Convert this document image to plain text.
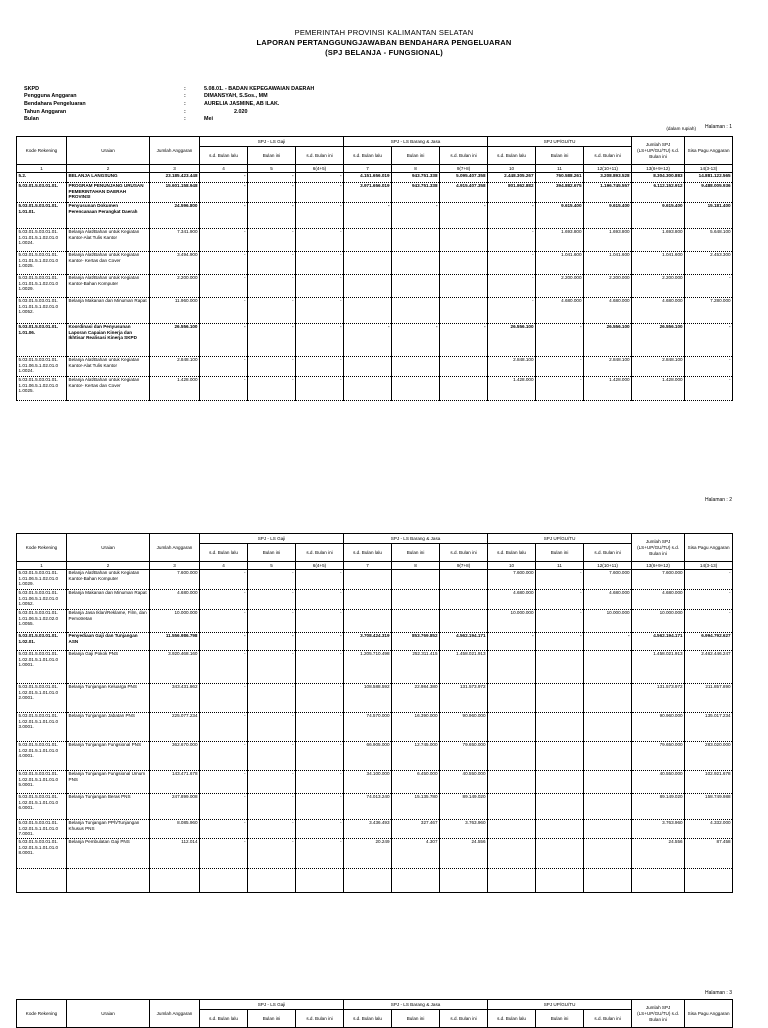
PEMERINTAH PROVINSI KALIMANTAN SELATAN
LAPORAN PERTANGGUNGJAWABAN BENDAHARA PENGELUARAN
(SPJ BELANJA - FUNGSIONAL)
SKPD	:	5.08.01. - BADAN KEPEGAWAIAN DAERAH
Pengguna Anggaran	:	DIMANSYAH, S.Sos., MM
Bendahara Pengeluaran	:	AURELIA JASMINE, AB ILAK.
Tahun Anggaran	:	2.020
Bulan	:	Mei
(dalam rupiah) Halaman : 1
Halaman : 2
Halaman : 3
Kode Rekening	Uraian	Jumlah Anggaran	SPJ - LS Gaji			SPJ - LS Barang & Jasa			SPJ UP/GU/TU			Jumlah SPJ (LS+UP/GU/TU) s.d. Bulan ini	Sisa Pagu Anggaran
			s.d. Bulan lalu	Bulan ini	s.d. Bulan ini	s.d. Bulan lalu	Bulan ini	s.d. Bulan ini	s.d. Bulan lalu	Bulan ini	s.d. Bulan ini		
1	2	3	4	5	6(4+5)	7	8	9(7+8)	10	11	12(10+11)	13(6+9+12)	14(3-13)
5.2.	BELANJA LANGSUNG	23.185.423.448	-	-	-	4.151.656.019	943.751.338	5.095.407.358	2.448.305.267	760.588.261	3.208.893.528	8.304.300.883	14.881.122.565
5.03.01.5.03.01.01.	PROGRAM PENUNJANG URUSAN PEMERINTAHAN DAERAH PROVINSI	15.601.158.948	-	-	-	3.971.656.019	943.751.338	4.915.407.358	801.862.882	394.882.675	1.196.745.557	6.112.152.912	9.488.005.936
5.03.01.5.03.01.01. 1.01.01.	Penyusunan Dokumen Perencanaan Perangkat Daerah	24.596.800	-	-	-	-	-	-	-	9.615.400	9.615.400	9.615.400	15.181.400
5.03.01.5.03.01.01. 1.01.01.5.1.02.01.0 1.0024.	Belanja Alat/Bahan untuk Kegiatan Kantor-Alat Tulis Kantor	7.341.900	-	-	-				-	1.693.800	1.693.800	1.693.800	5.648.100
5.03.01.5.03.01.01. 1.01.01.5.1.02.01.0 1.0025.	Belanja Alat/Bahan untuk Kegiatan Kantor- Kertas dan Cover	3.494.900	-	-	-				-	1.041.600	1.041.600	1.041.600	2.453.300
5.03.01.5.03.01.01. 1.01.01.5.1.02.01.0 1.0029.	Belanja Alat/Bahan untuk Kegiatan Kantor-Bahan Komputer	2.200.000	-	-	-				-	2.200.000	2.200.000	2.200.000	-
5.03.01.5.03.01.01. 1.01.01.5.1.02.01.0 1.0052.	Belanja Makanan dan Minuman Rapat	11.960.000	-	-	-				-	4.680.000	4.680.000	4.680.000	7.280.000
5.03.01.5.03.01.01. 1.01.06.	Koordinasi dan Penyusunan Laporan Capaian Kinerja dan Ikhtisar Realisasi Kinerja SKPD	26.556.100	-	-	-	-	-	-	26.556.100	-	26.556.100	26.556.100	-
5.03.01.5.03.01.01. 1.01.06.5.1.02.01.0 1.0024.	Belanja Alat/Bahan untuk Kegiatan Kantor-Alat Tulis Kantor	2.848.100	-	-	-				2.848.100	-	2.848.100	2.848.100	-
5.03.01.5.03.01.01. 1.01.06.5.1.02.01.0 1.0025.	Belanja Alat/Bahan untuk Kegiatan Kantor- Kertas dan Cover	1.428.000	-	-	-				1.428.000	-	1.428.000	1.428.000	-
Kode Rekening	Uraian	Jumlah Anggaran	SPJ - LS Gaji			SPJ - LS Barang & Jasa			SPJ UP/GU/TU			Jumlah SPJ (LS+UP/GU/TU) s.d. Bulan ini	Sisa Pagu Anggaran
			s.d. Bulan lalu	Bulan ini	s.d. Bulan ini	s.d. Bulan lalu	Bulan ini	s.d. Bulan ini	s.d. Bulan lalu	Bulan ini	s.d. Bulan ini		
1	2	3	4	5	6(4+5)	7	8	9(7+8)	10	11	12(10+11)	13(6+9+12)	14(3-13)
5.03.01.5.03.01.01. 1.01.06.5.1.02.01.0 1.0029.	Belanja Alat/Bahan untuk Kegiatan Kantor-Bahan Komputer	7.600.000	-	-	-				7.600.000	-	7.600.000	7.600.000	-
5.03.01.5.03.01.01. 1.01.06.5.1.02.01.0 1.0052.	Belanja Makanan dan Minuman Rapat	4.680.000	-	-	-				4.680.000	-	4.680.000	4.680.000	-
5.03.01.5.03.01.01. 1.01.06.5.1.02.02.0 1.0055.	Belanja Jasa Iklan/Reklame, Film, dan Pemotretan	10.000.000	-	-	-				10.000.000	-	10.000.000	10.000.000	-
5.03.01.5.03.01.01. 1.02.01.	Penyediaan Gaji dan Tunjangan ASN	11.556.986.798	-	-	-	3.708.424.319	853.769.852	4.562.194.171	-	-	-	4.562.194.171	6.994.792.627
5.03.01.5.03.01.01. 1.02.01.5.1.01.01.0 1.0001.	Belanja Gaji Pokok PNS	3.920.468.160	-	-	-	1.205.710.498	252.311.415	1.458.021.913				1.458.021.913	2.462.446.247
5.03.01.5.03.01.01. 1.02.01.5.1.01.01.0 2.0001.	Belanja Tunjangan Keluarga PNS	343.431.862	-	-	-	108.588.592	22.984.380	131.573.972				131.573.972	211.857.890
5.03.01.5.03.01.01. 1.02.01.5.1.01.01.0 3.0001.	Belanja Tunjangan Jabatan PNS	225.077.234	-	-	-	74.570.000	16.390.000	90.960.000				90.960.000	135.017.234
5.03.01.5.03.01.01. 1.02.01.5.1.01.01.0 4.0001.	Belanja Tunjangan Fungsional PNS	362.670.000	-	-	-	66.905.000	12.745.000	79.650.000				79.650.000	283.020.000
5.03.01.5.03.01.01. 1.02.01.5.1.01.01.0 5.0001.	Belanja Tunjangan Fungsional Umum PNS	143.471.678	-	-	-	34.100.000	6.450.000	40.550.000				40.550.000	102.921.678
5.03.01.5.03.01.01. 1.02.01.5.1.01.01.0 6.0001.	Belanja Tunjangan Beras PNS	247.899.008	-	-	-	74.013.240	15.135.780	89.149.020				89.149.020	158.749.988
5.03.01.5.03.01.01. 1.02.01.5.1.01.01.0 7.0001.	Belanja Tunjangan PPh/Tunjangan Khusus PNS	8.085.960	-	-	-	3.436.493	327.467	3.763.960				3.763.960	4.332.000
5.03.01.5.03.01.01. 1.02.01.5.1.01.01.0 8.0001.	Belanja Pembulatan Gaji PNS	112.014	-	-	-	20.249	4.307	24.556				24.556	87.458

Kode Rekening	Uraian	Jumlah Anggaran	SPJ - LS Gaji			SPJ - LS Barang & Jasa			SPJ UP/GU/TU			Jumlah SPJ (LS+UP/GU/TU) s.d. Bulan ini	Sisa Pagu Anggaran
			s.d. Bulan lalu	Bulan ini	s.d. Bulan ini	s.d. Bulan lalu	Bulan ini	s.d. Bulan ini	s.d. Bulan lalu	Bulan ini	s.d. Bulan ini		
